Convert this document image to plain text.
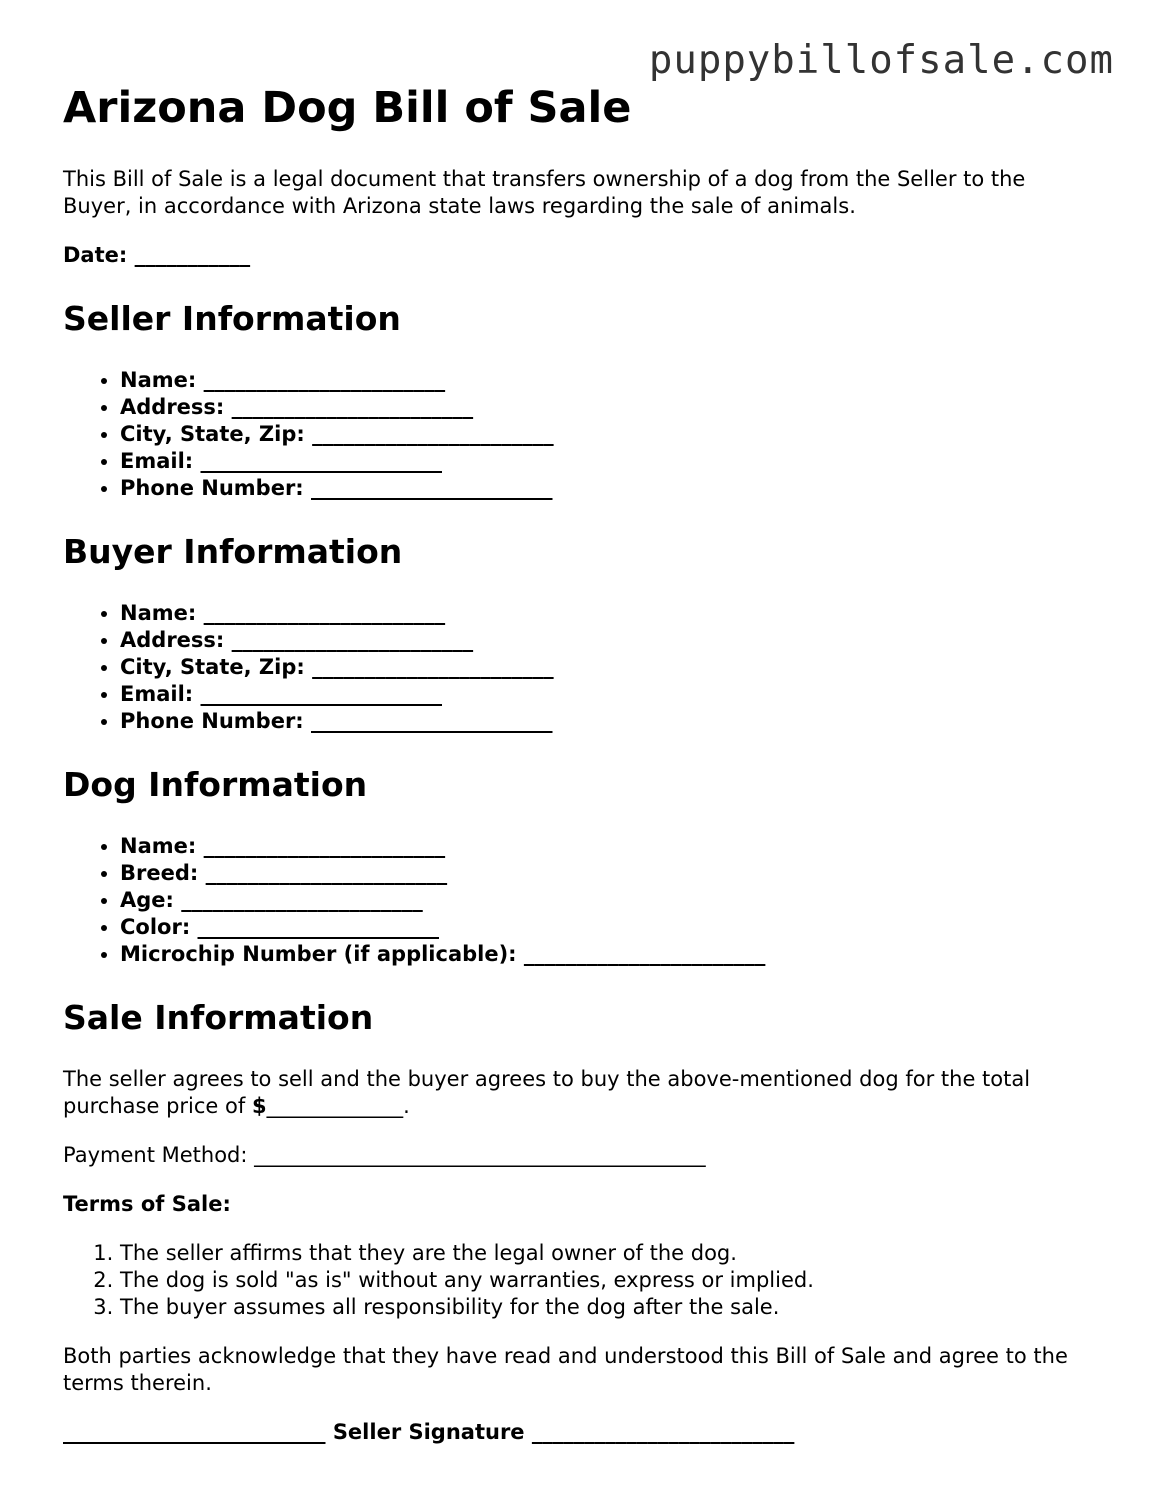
puppybillofsale.com
Arizona Dog Bill of Sale

This Bill of Sale is a legal document that transfers ownership of a dog from the Seller to the Buyer, in accordance with Arizona state laws regarding the sale of animals.

Date: ___________

Seller Information
• Name: _______________________
• Address: _______________________
• City, State, Zip: _______________________
• Email: _______________________
• Phone Number: _______________________
Buyer Information
• Name: _______________________
• Address: _______________________
• City, State, Zip: _______________________
• Email: _______________________
• Phone Number: _______________________
Dog Information
• Name: _______________________
• Breed: _______________________
• Age: _______________________
• Color: _______________________
• Microchip Number (if applicable): _______________________
Sale Information

The seller agrees to sell and the buyer agrees to buy the above-mentioned dog for the total purchase price of $_____________.

Payment Method: ___________________________________________

Terms of Sale:

1. The seller affirms that they are the legal owner of the dog.
2. The dog is sold "as is" without any warranties, express or implied.
3. The buyer assumes all responsibility for the dog after the sale.

Both parties acknowledge that they have read and understood this Bill of Sale and agree to the terms therein.

_________________________ Seller Signature _________________________
